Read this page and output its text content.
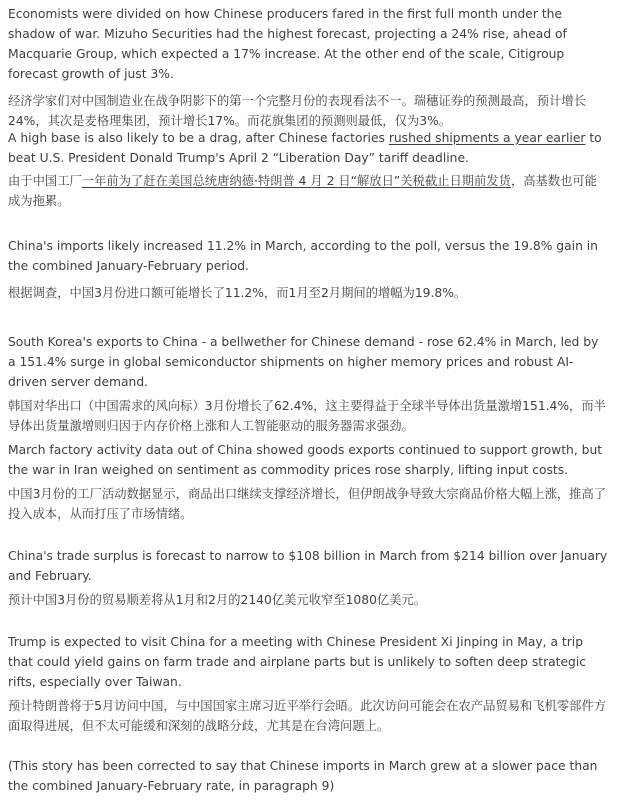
Economists were divided on how Chinese producers fared in the first full month under the shadow of war. Mizuho Securities had the highest forecast, projecting a 24% rise, ahead of Macquarie Group, which expected a 17% increase. At the other end of the scale, Citigroup forecast growth of just 3%.

经济学家们对中国制造业在战争阴影下的第一个完整月份的表现看法不一。瑞穗证券的预测最高，预计增长24%，其次是麦格理集团，预计增长17%。而花旗集团的预测则最低，仅为3%。

A high base is also likely to be a drag, after Chinese factories rushed shipments a year earlier to beat U.S. President Donald Trump's April 2 “Liberation Day” tariff deadline.

由于中国工厂一年前为了赶在美国总统唐纳德·特朗普 4 月 2 日“解放日”关税截止日期前发货，高基数也可能成为拖累。

China's imports likely increased 11.2% in March, according to the poll, versus the 19.8% gain in the combined January-February period.

根据调查，中国3月份进口额可能增长了11.2%，而1月至2月期间的增幅为19.8%。

South Korea's exports to China - a bellwether for Chinese demand - rose 62.4% in March, led by a 151.4% surge in global semiconductor shipments on higher memory prices and robust AI-driven server demand.

韩国对华出口（中国需求的风向标）3月份增长了62.4%，这主要得益于全球半导体出货量激增151.4%，而半导体出货量激增则归因于内存价格上涨和人工智能驱动的服务器需求强劲。

March factory activity data out of China showed goods exports continued to support growth, but the war in Iran weighed on sentiment as commodity prices rose sharply, lifting input costs.

中国3月份的工厂活动数据显示，商品出口继续支撑经济增长，但伊朗战争导致大宗商品价格大幅上涨，推高了投入成本，从而打压了市场情绪。

China's trade surplus is forecast to narrow to $108 billion in March from $214 billion over January and February.

预计中国3月份的贸易顺差将从1月和2月的2140亿美元收窄至1080亿美元。

Trump is expected to visit China for a meeting with Chinese President Xi Jinping in May, a trip that could yield gains on farm trade and airplane parts but is unlikely to soften deep strategic rifts, especially over Taiwan.

预计特朗普将于5月访问中国，与中国国家主席习近平举行会晤。此次访问可能会在农产品贸易和飞机零部件方面取得进展，但不太可能缓和深刻的战略分歧，尤其是在台湾问题上。

(This story has been corrected to say that Chinese imports in March grew at a slower pace than the combined January-February rate, in paragraph 9)
